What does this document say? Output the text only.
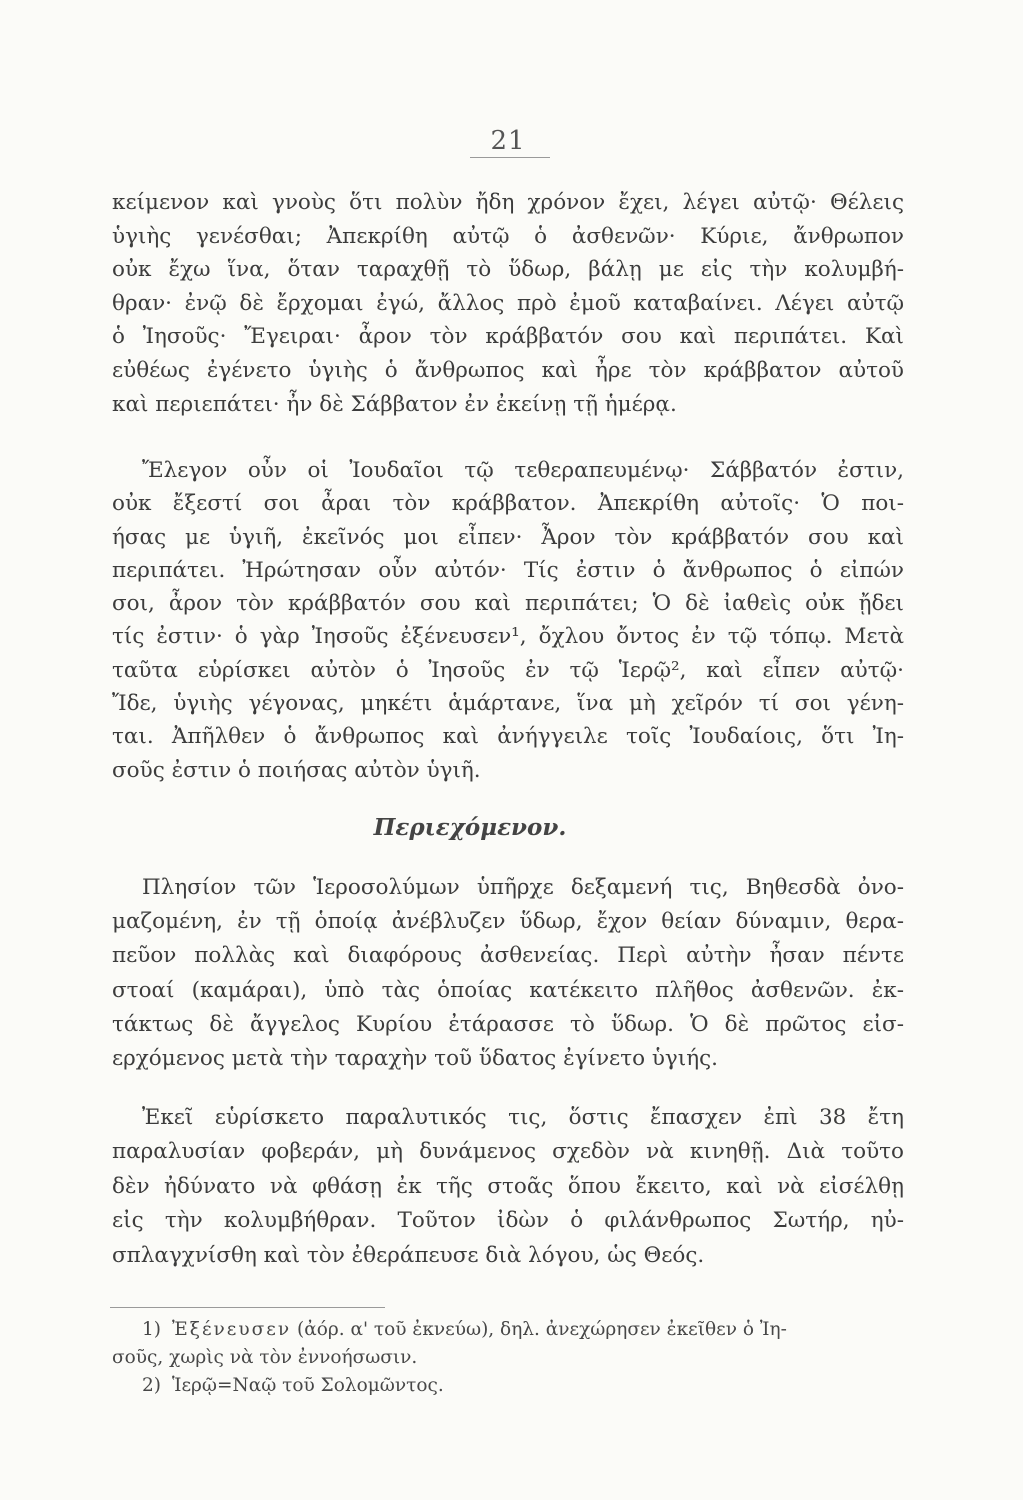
21

κείμενον καὶ γνοὺς ὅτι πολὺν ἤδη χρόνον ἔχει, λέγει αὐτῷ· Θέλεις
ὑγιὴς γενέσθαι; Ἀπεκρίθη αὐτῷ ὁ ἀσθενῶν· Κύριε, ἄνθρωπον
οὐκ ἔχω ἵνα, ὅταν ταραχθῇ τὸ ὕδωρ, βάλῃ με εἰς τὴν κολυμβή-
θραν· ἐνῷ δὲ ἔρχομαι ἐγώ, ἄλλος πρὸ ἐμοῦ καταβαίνει. Λέγει αὐτῷ
ὁ Ἰησοῦς· Ἔγειραι· ἆρον τὸν κράββατόν σου καὶ περιπάτει. Καὶ
εὐθέως ἐγένετο ὑγιὴς ὁ ἄνθρωπος καὶ ἦρε τὸν κράββατον αὐτοῦ
καὶ περιεπάτει· ἦν δὲ Σάββατον ἐν ἐκείνῃ τῇ ἡμέρᾳ.

Ἔλεγον οὖν οἱ Ἰουδαῖοι τῷ τεθεραπευμένῳ· Σάββατόν ἐστιν,
οὐκ ἔξεστί σοι ἆραι τὸν κράββατον. Ἀπεκρίθη αὐτοῖς· Ὁ ποι-
ήσας με ὑγιῆ, ἐκεῖνός μοι εἶπεν· Ἆρον τὸν κράββατόν σου καὶ
περιπάτει. Ἠρώτησαν οὖν αὐτόν· Τίς ἐστιν ὁ ἄνθρωπος ὁ εἰπών
σοι, ἆρον τὸν κράββατόν σου καὶ περιπάτει; Ὁ δὲ ἰαθεὶς οὐκ ᾔδει
τίς ἐστιν· ὁ γὰρ Ἰησοῦς ἐξένευσεν¹, ὄχλου ὄντος ἐν τῷ τόπῳ. Μετὰ
ταῦτα εὑρίσκει αὐτὸν ὁ Ἰησοῦς ἐν τῷ Ἱερῷ², καὶ εἶπεν αὐτῷ·
Ἴδε, ὑγιὴς γέγονας, μηκέτι ἁμάρτανε, ἵνα μὴ χεῖρόν τί σοι γένη-
ται. Ἀπῆλθεν ὁ ἄνθρωπος καὶ ἀνήγγειλε τοῖς Ἰουδαίοις, ὅτι Ἰη-
σοῦς ἐστιν ὁ ποιήσας αὐτὸν ὑγιῆ.

Περιεχόμενον.

Πλησίον τῶν Ἱεροσολύμων ὑπῆρχε δεξαμενή τις, Βηθεσδὰ ὀνο-
μαζομένη, ἐν τῇ ὁποίᾳ ἀνέβλυζεν ὕδωρ, ἔχον θείαν δύναμιν, θερα-
πεῦον πολλὰς καὶ διαφόρους ἀσθενείας. Περὶ αὐτὴν ἦσαν πέντε
στοαί (καμάραι), ὑπὸ τὰς ὁποίας κατέκειτο πλῆθος ἀσθενῶν. ἐκ-
τάκτως δὲ ἄγγελος Κυρίου ἐτάρασσε τὸ ὕδωρ. Ὁ δὲ πρῶτος εἰσ-
ερχόμενος μετὰ τὴν ταραχὴν τοῦ ὕδατος ἐγίνετο ὑγιής.

Ἐκεῖ εὑρίσκετο παραλυτικός τις, ὅστις ἔπασχεν ἐπὶ 38 ἔτη
παραλυσίαν φοβεράν, μὴ δυνάμενος σχεδὸν νὰ κινηθῇ. Διὰ τοῦτο
δὲν ἠδύνατο νὰ φθάσῃ ἐκ τῆς στοᾶς ὅπου ἔκειτο, καὶ νὰ εἰσέλθῃ
εἰς τὴν κολυμβήθραν. Τοῦτον ἰδὼν ὁ φιλάνθρωπος Σωτήρ, ηὐ-
σπλαγχνίσθη καὶ τὸν ἐθεράπευσε διὰ λόγου, ὡς Θεός.

1) Ἐξένευσεν (ἀόρ. α' τοῦ ἐκνεύω), δηλ. ἀνεχώρησεν ἐκεῖθεν ὁ Ἰη-
σοῦς, χωρὶς νὰ τὸν ἐννοήσωσιν.
2) Ἱερῷ=Ναῷ τοῦ Σολομῶντος.
